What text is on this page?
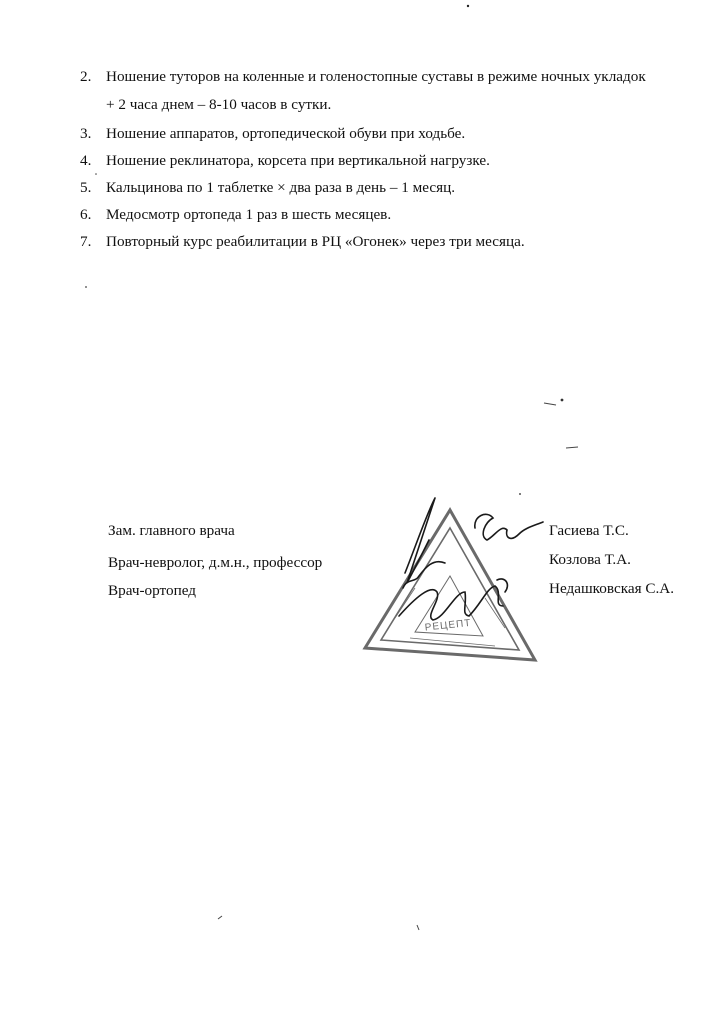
2. Ношение туторов на коленные и голеностопные суставы в режиме ночных укладок
+ 2 часа днем – 8-10 часов в сутки.
3. Ношение аппаратов, ортопедической обуви при ходьбе.
4. Ношение реклинатора, корсета при вертикальной нагрузке.
5. Кальцинова по 1 таблетке × два раза в день – 1 месяц.
6. Медосмотр ортопеда 1 раз в шесть месяцев.
7. Повторный курс реабилитации в РЦ «Огонек» через три месяца.
Зам. главного врача
Врач-невролог, д.м.н., профессор
Врач-ортопед
Гасиева Т.С.
Козлова Т.А.
Недашковская С.А.
РЕЦЕПТ
